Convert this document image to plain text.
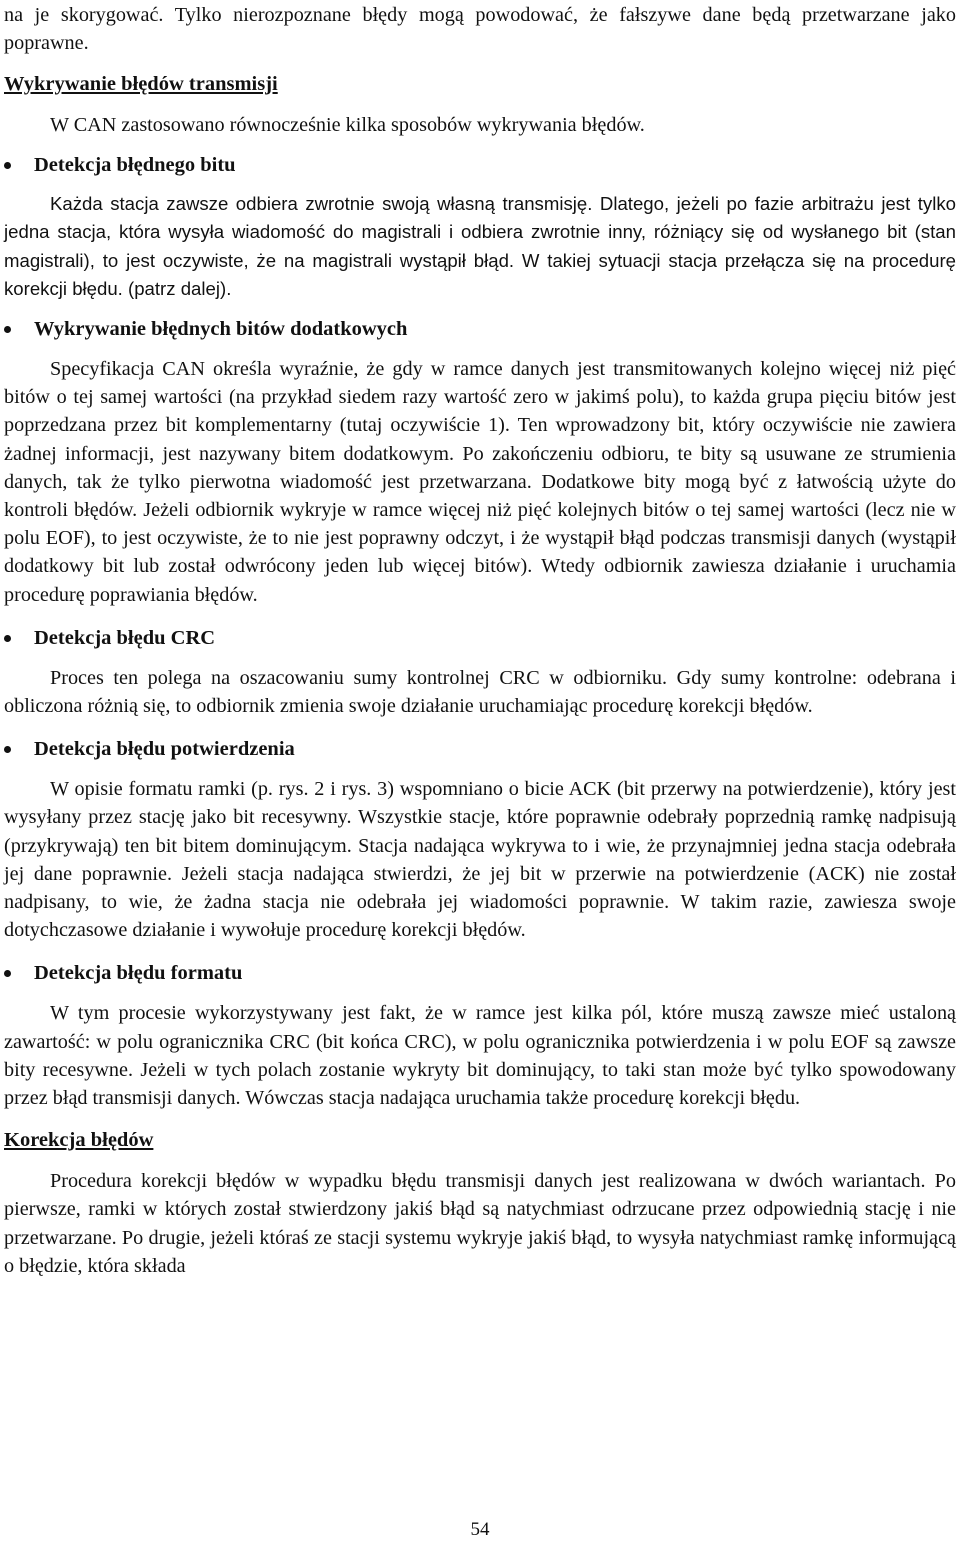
na je skorygować. Tylko nierozpoznane błędy mogą powodować, że fałszywe dane będą przetwarzane jako poprawne.

Wykrywanie błędów transmisji

W CAN zastosowano równocześnie kilka sposobów wykrywania błędów.

Detekcja błędnego bitu

Każda stacja zawsze odbiera zwrotnie swoją własną transmisję. Dlatego, jeżeli po fazie arbitrażu jest tylko jedna stacja, która wysyła wiadomość do magistrali i odbiera zwrotnie inny, różniący się od wysłanego bit (stan magistrali), to jest oczywiste, że na magistrali wystąpił błąd. W takiej sytuacji stacja przełącza się na procedurę korekcji błędu. (patrz dalej).

Wykrywanie błędnych bitów dodatkowych

Specyfikacja CAN określa wyraźnie, że gdy w ramce danych jest transmitowanych kolejno więcej niż pięć bitów o tej samej wartości (na przykład siedem razy wartość zero w jakimś polu), to każda grupa pięciu bitów jest poprzedzana przez bit komplementarny (tutaj oczywiście 1). Ten wprowadzony bit, który oczywiście nie zawiera żadnej informacji, jest nazywany bitem dodatkowym. Po zakończeniu odbioru, te bity są usuwane ze strumienia danych, tak że tylko pierwotna wiadomość jest przetwarzana. Dodatkowe bity mogą być z łatwością użyte do kontroli błędów. Jeżeli odbiornik wykryje w ramce więcej niż pięć kolejnych bitów o tej samej wartości (lecz nie w polu EOF), to jest oczywiste, że to nie jest poprawny odczyt, i że wystąpił błąd podczas transmisji danych (wystąpił dodatkowy bit lub został odwrócony jeden lub więcej bitów). Wtedy odbiornik zawiesza działanie i uruchamia procedurę poprawiania błędów.

Detekcja błędu CRC

Proces ten polega na oszacowaniu sumy kontrolnej CRC w odbiorniku. Gdy sumy kontrolne: odebrana i obliczona różnią się, to odbiornik zmienia swoje działanie uruchamiając procedurę korekcji błędów.

Detekcja błędu potwierdzenia

W opisie formatu ramki (p. rys. 2 i rys. 3) wspomniano o bicie ACK (bit przerwy na potwierdzenie), który jest wysyłany przez stację jako bit recesywny. Wszystkie stacje, które poprawnie odebrały poprzednią ramkę nadpisują (przykrywają) ten bit bitem dominującym. Stacja nadająca wykrywa to i wie, że przynajmniej jedna stacja odebrała jej dane poprawnie. Jeżeli stacja nadająca stwierdzi, że jej bit w przerwie na potwierdzenie (ACK) nie został nadpisany, to wie, że żadna stacja nie odebrała jej wiadomości poprawnie. W takim razie, zawiesza swoje dotychczasowe działanie i wywołuje procedurę korekcji błędów.

Detekcja błędu formatu

W tym procesie wykorzystywany jest fakt, że w ramce jest kilka pól, które muszą zawsze mieć ustaloną zawartość: w polu ogranicznika CRC (bit końca CRC), w polu ogranicznika potwierdzenia i w polu EOF są zawsze bity recesywne. Jeżeli w tych polach zostanie wykryty bit dominujący, to taki stan może być tylko spowodowany przez błąd transmisji danych. Wówczas stacja nadająca uruchamia także procedurę korekcji błędu.

Korekcja błędów

Procedura korekcji błędów w wypadku błędu transmisji danych jest realizowana w dwóch wariantach. Po pierwsze, ramki w których został stwierdzony jakiś błąd są natychmiast odrzucane przez odpowiednią stację i nie przetwarzane. Po drugie, jeżeli któraś ze stacji systemu wykryje jakiś błąd, to wysyła natychmiast ramkę informującą o błędzie, która składa

54
